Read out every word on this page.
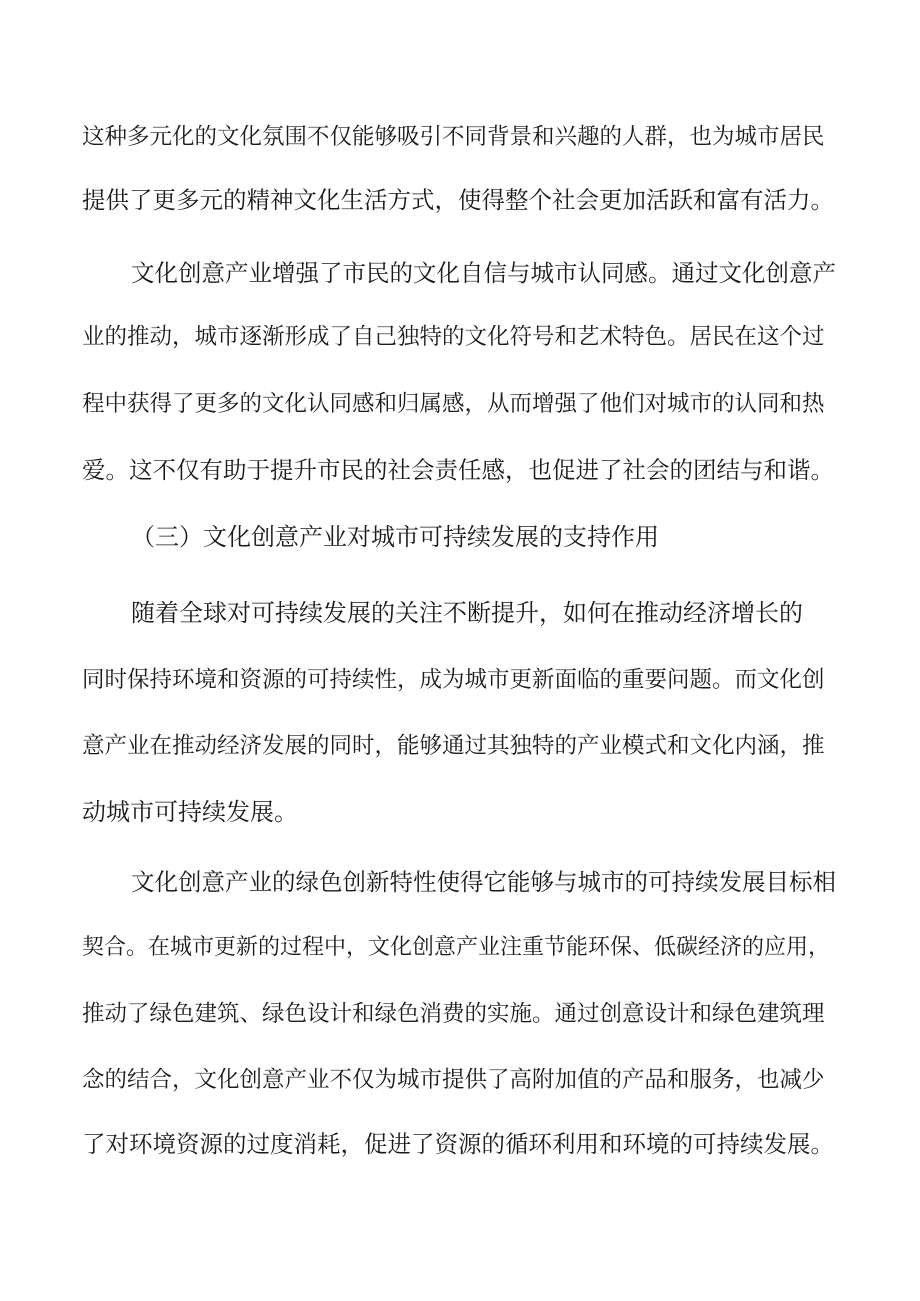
这种多元化的文化氛围不仅能够吸引不同背景和兴趣的人群，也为城市居民
提供了更多元的精神文化生活方式，使得整个社会更加活跃和富有活力。
文化创意产业增强了市民的文化自信与城市认同感。通过文化创意产
业的推动，城市逐渐形成了自己独特的文化符号和艺术特色。居民在这个过
程中获得了更多的文化认同感和归属感，从而增强了他们对城市的认同和热
爱。这不仅有助于提升市民的社会责任感，也促进了社会的团结与和谐。
（三）文化创意产业对城市可持续发展的支持作用
随着全球对可持续发展的关注不断提升，如何在推动经济增长的
同时保持环境和资源的可持续性，成为城市更新面临的重要问题。而文化创
意产业在推动经济发展的同时，能够通过其独特的产业模式和文化内涵，推
动城市可持续发展。
文化创意产业的绿色创新特性使得它能够与城市的可持续发展目标相
契合。在城市更新的过程中，文化创意产业注重节能环保、低碳经济的应用，
推动了绿色建筑、绿色设计和绿色消费的实施。通过创意设计和绿色建筑理
念的结合，文化创意产业不仅为城市提供了高附加值的产品和服务，也减少
了对环境资源的过度消耗，促进了资源的循环利用和环境的可持续发展。
